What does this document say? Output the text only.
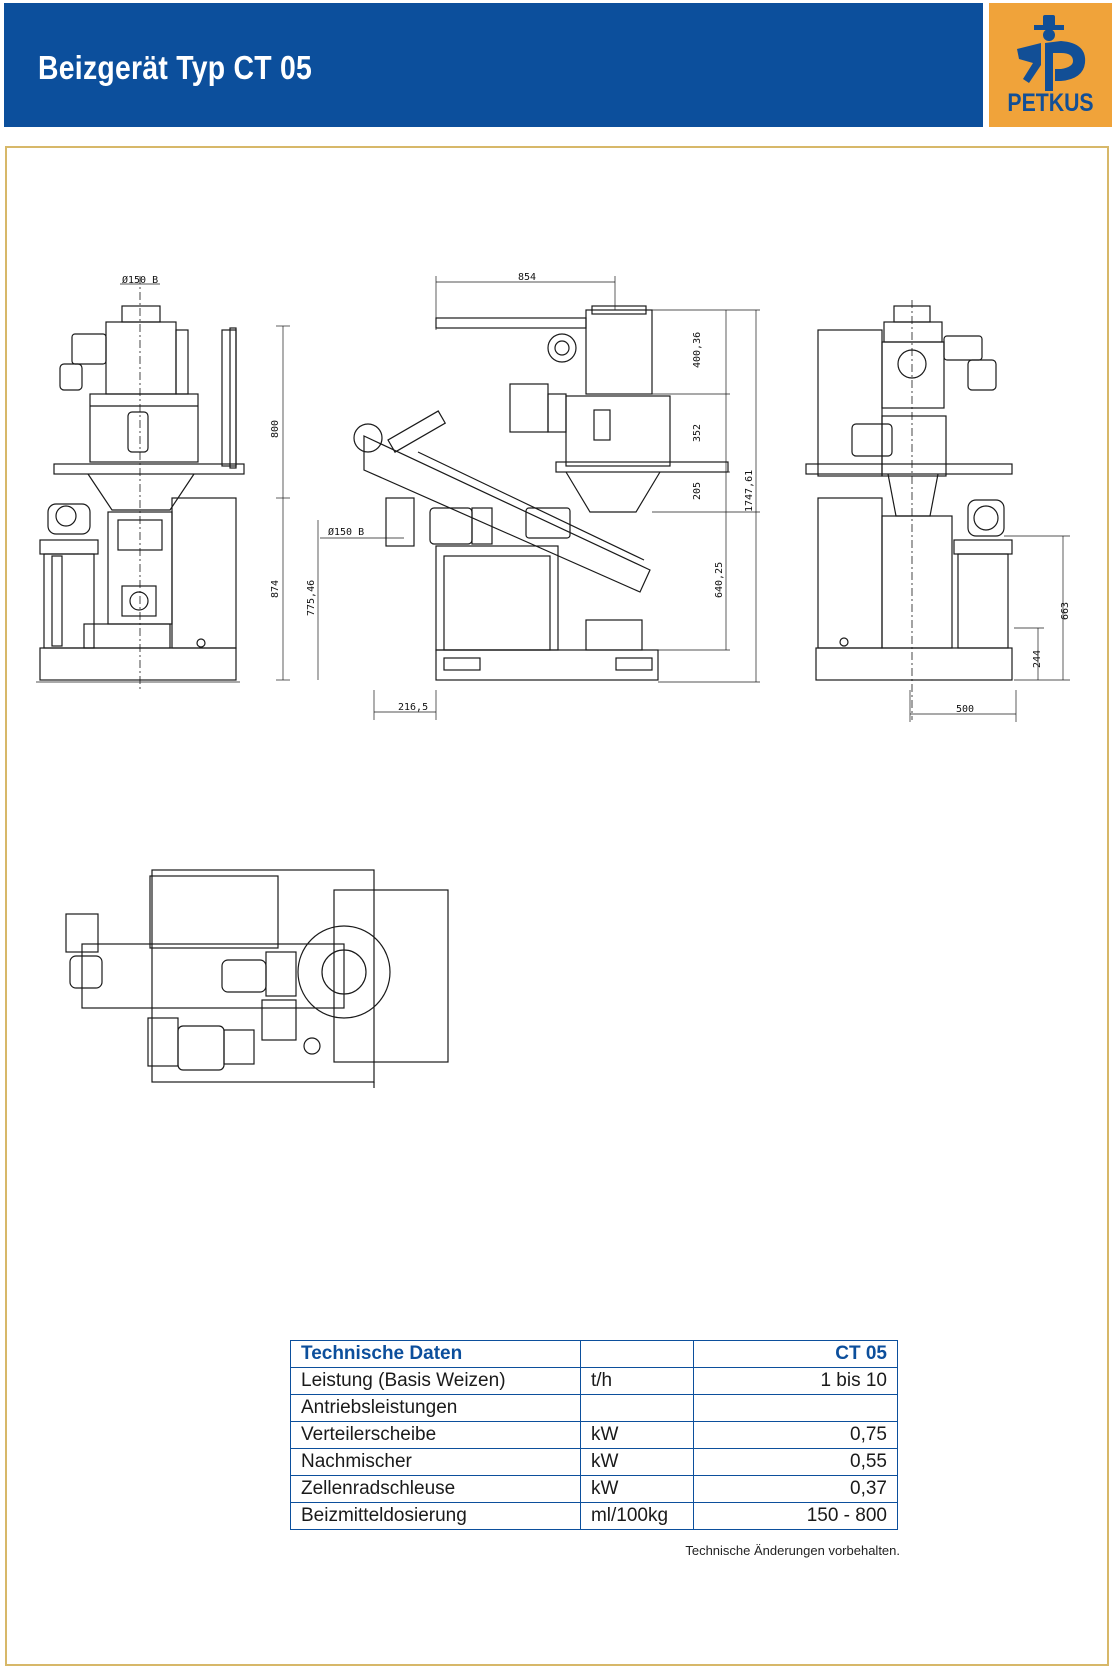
Beizgerät Typ CT 05
PETKUS
Ø150 B
800
874
854
400,36
352
205	1747,61
640,25
775,46
Ø150 B
216,5
663
244
500
Technische Daten		CT 05
Leistung (Basis Weizen)	t/h	1 bis 10
Antriebsleistungen		
Verteilerscheibe	kW	0,75
Nachmischer	kW	0,55
Zellenradschleuse	kW	0,37
Beizmitteldosierung	ml/100kg	150 - 800
Technische Änderungen vorbehalten.
